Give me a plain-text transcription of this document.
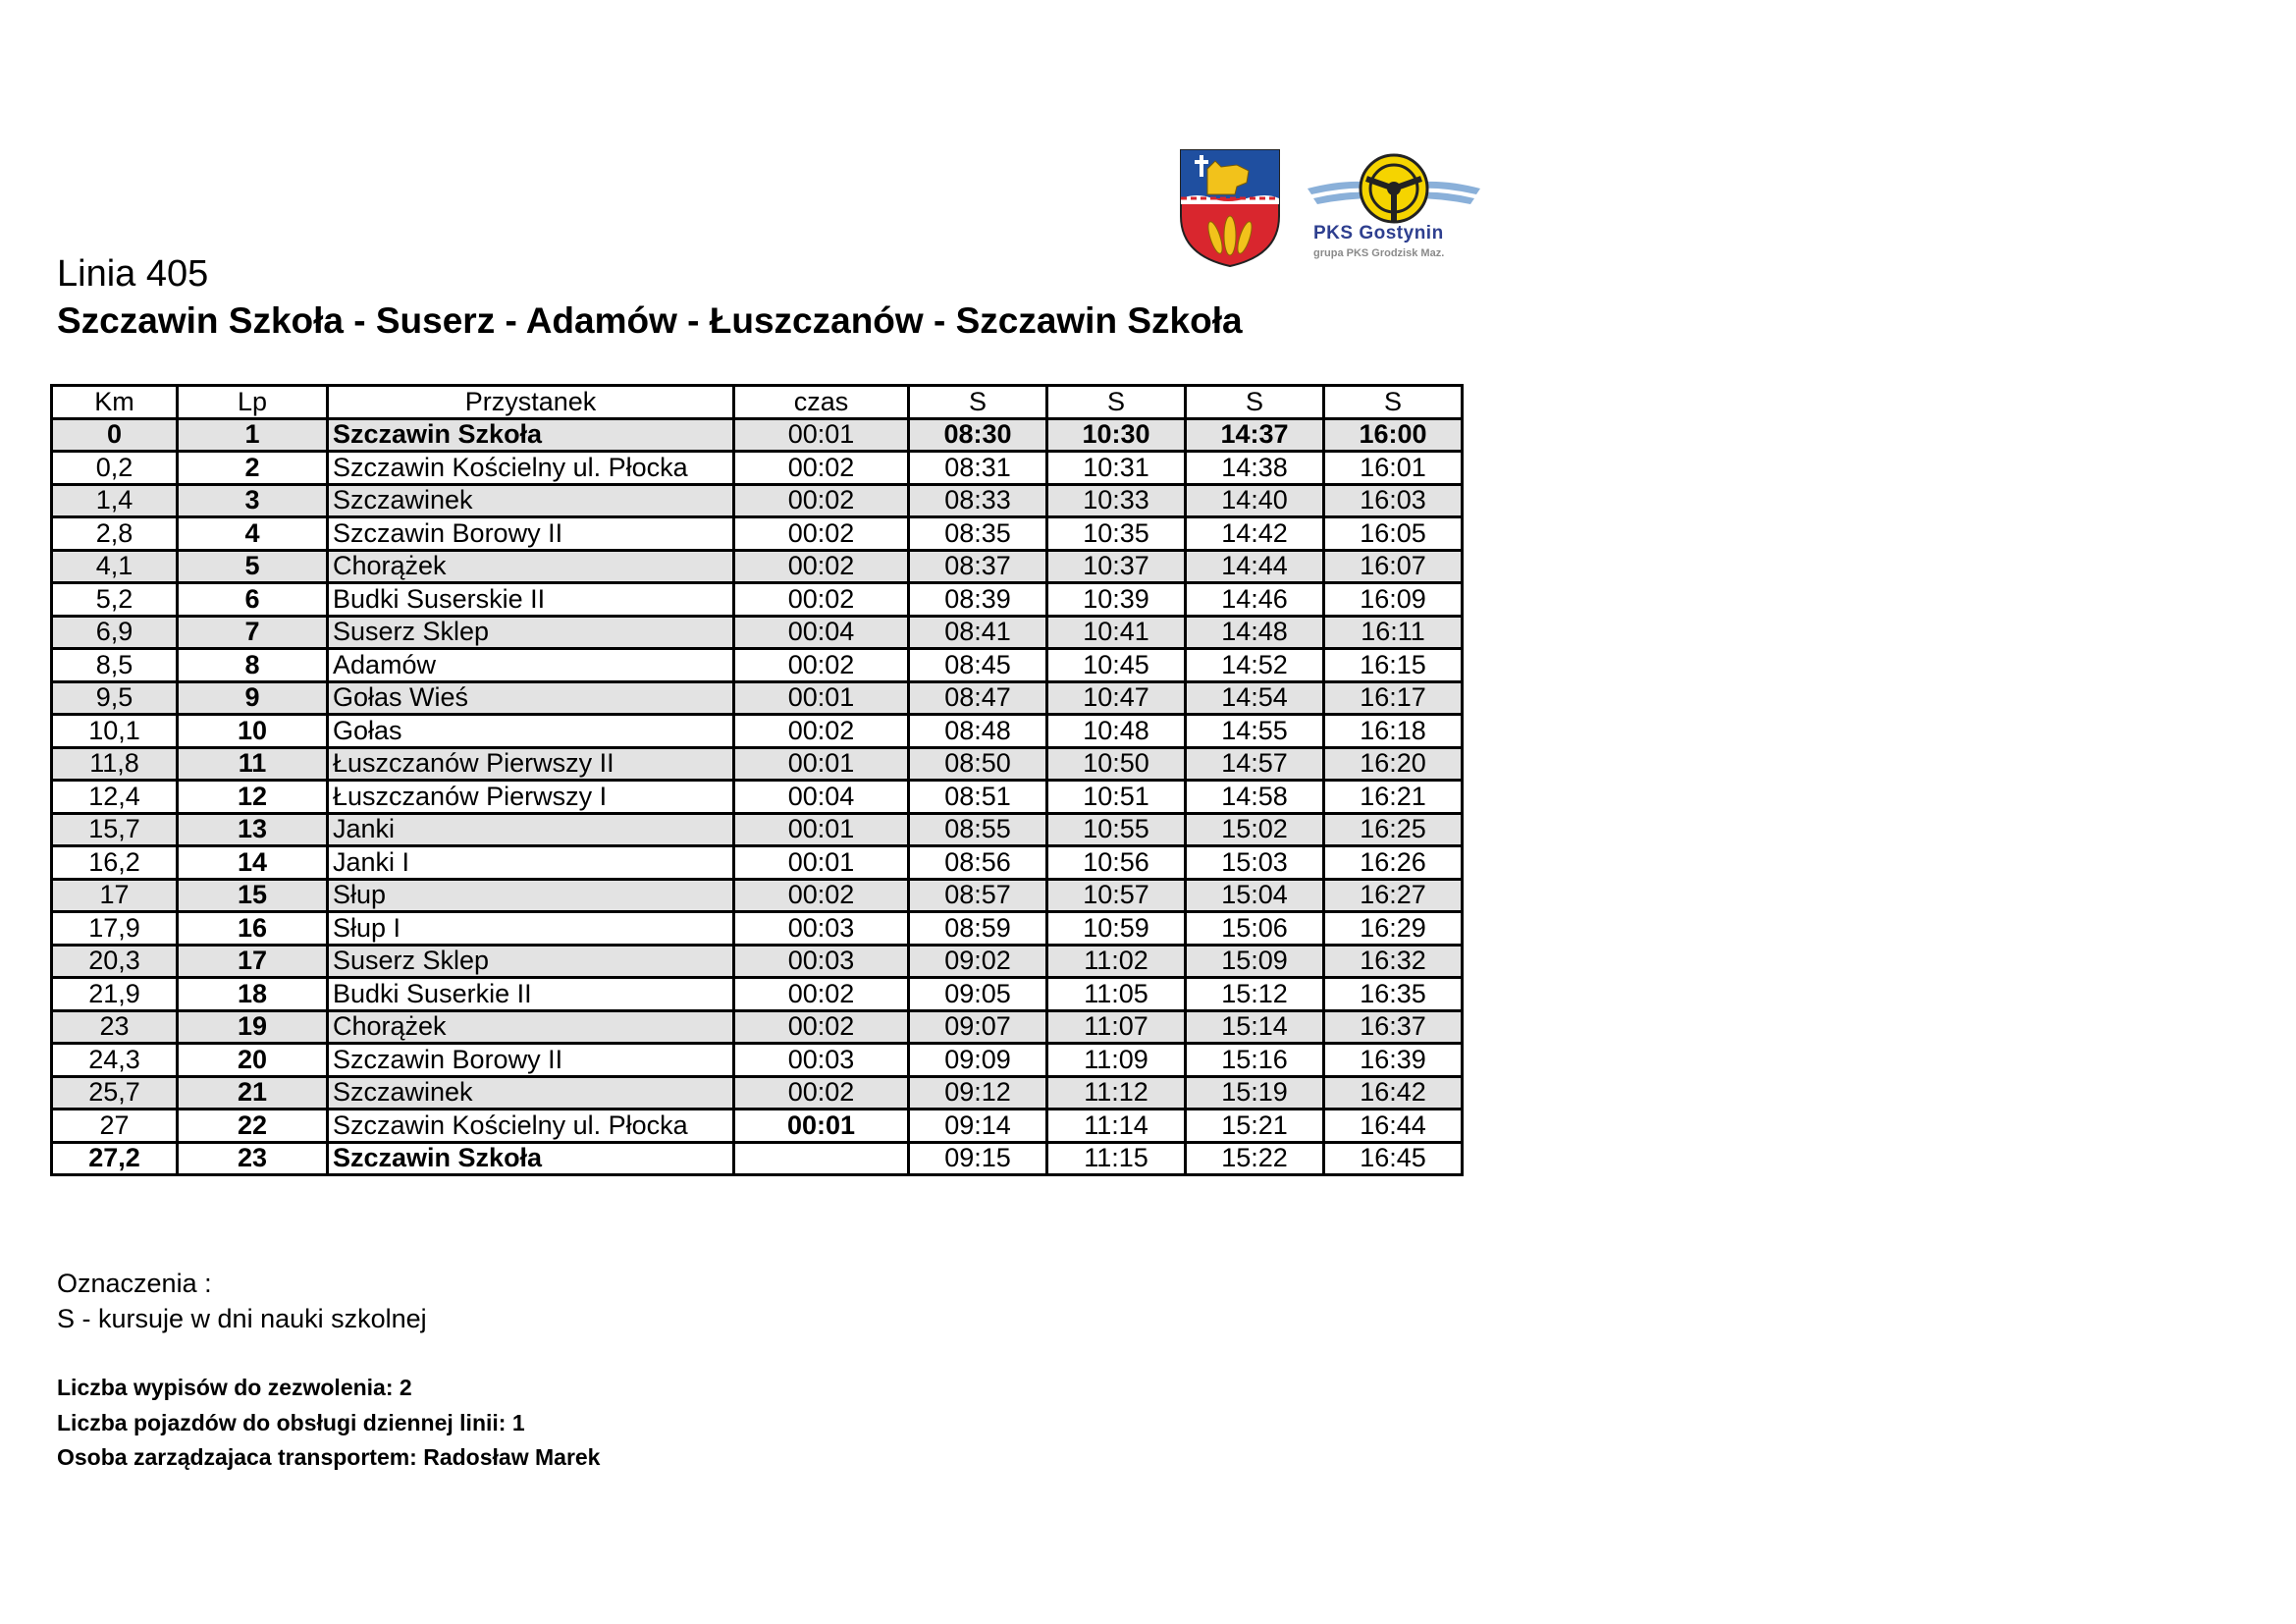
PKS Gostynin
grupa PKS Grodzisk Maz.
Linia 405
Szczawin Szkoła - Suserz - Adamów - Łuszczanów - Szczawin Szkoła
Km	Lp	Przystanek	czas	S	S	S	S
0	1	Szczawin Szkoła	00:01	08:30	10:30	14:37	16:00
0,2	2	Szczawin Kościelny ul. Płocka	00:02	08:31	10:31	14:38	16:01
1,4	3	Szczawinek	00:02	08:33	10:33	14:40	16:03
2,8	4	Szczawin Borowy II	00:02	08:35	10:35	14:42	16:05
4,1	5	Chorążek	00:02	08:37	10:37	14:44	16:07
5,2	6	Budki Suserskie II	00:02	08:39	10:39	14:46	16:09
6,9	7	Suserz Sklep	00:04	08:41	10:41	14:48	16:11
8,5	8	Adamów	00:02	08:45	10:45	14:52	16:15
9,5	9	Gołas Wieś	00:01	08:47	10:47	14:54	16:17
10,1	10	Gołas	00:02	08:48	10:48	14:55	16:18
11,8	11	Łuszczanów Pierwszy II	00:01	08:50	10:50	14:57	16:20
12,4	12	Łuszczanów Pierwszy I	00:04	08:51	10:51	14:58	16:21
15,7	13	Janki	00:01	08:55	10:55	15:02	16:25
16,2	14	Janki I	00:01	08:56	10:56	15:03	16:26
17	15	Słup	00:02	08:57	10:57	15:04	16:27
17,9	16	Słup I	00:03	08:59	10:59	15:06	16:29
20,3	17	Suserz Sklep	00:03	09:02	11:02	15:09	16:32
21,9	18	Budki Suserkie II	00:02	09:05	11:05	15:12	16:35
23	19	Chorążek	00:02	09:07	11:07	15:14	16:37
24,3	20	Szczawin Borowy II	00:03	09:09	11:09	15:16	16:39
25,7	21	Szczawinek	00:02	09:12	11:12	15:19	16:42
27	22	Szczawin Kościelny ul. Płocka	00:01	09:14	11:14	15:21	16:44
27,2	23	Szczawin Szkoła		09:15	11:15	15:22	16:45
Oznaczenia :
S - kursuje w dni nauki szkolnej
Liczba wypisów do zezwolenia: 2
Liczba pojazdów do obsługi dziennej linii: 1
Osoba zarządzajaca transportem: Radosław Marek
